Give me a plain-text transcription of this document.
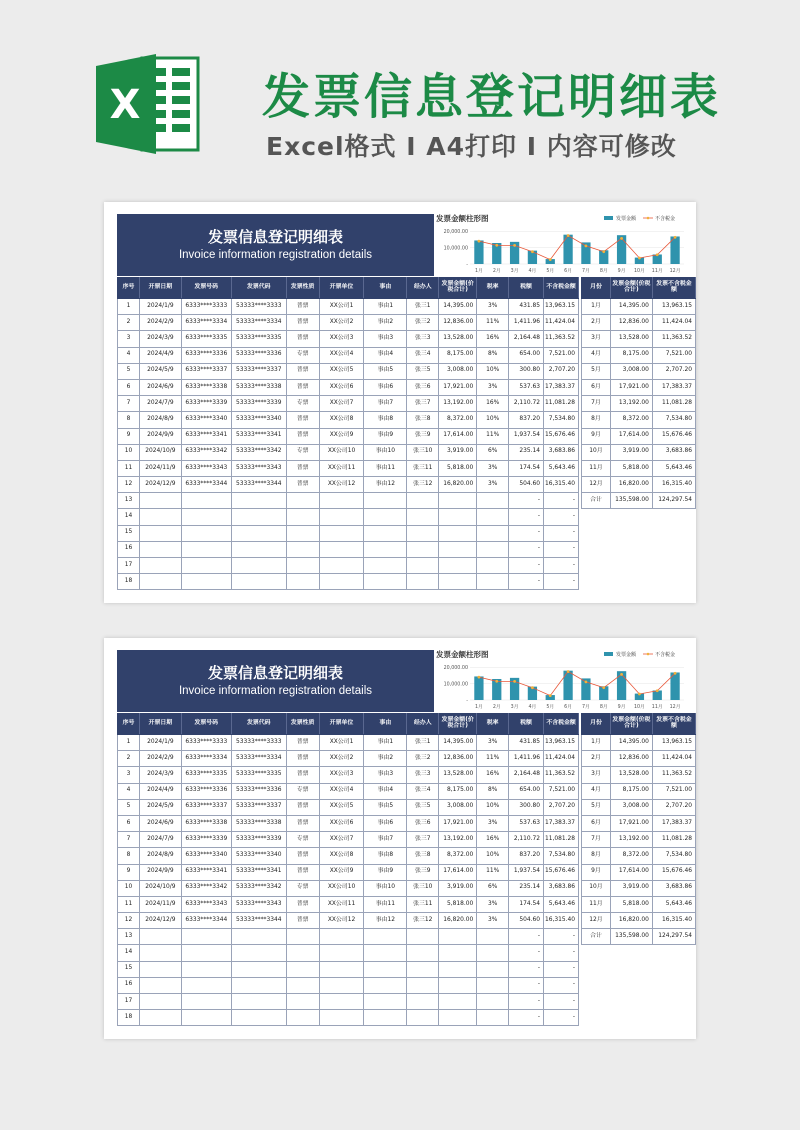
X	发票信息登记明细表
Excel格式 I A4打印 I 内容可修改
发票信息登记明细表
Invoice information registration details
发票金额柱形图	发票金额	不含税金
20,000.00
10,000.00
-
1月 2月 3月 4月 5月 6月 7月 8月 9月 10月 11月 12月
序号	开票日期	发票号码	发票代码	发票性质	开票单位	事由	经办人	发票金额(价税合计)	税率	税额	不含税金额		月份	发票金额(价税合计)	发票不含税金额
1	2024/1/9	6333****3333	53333****3333	普票	XX公司1	事由1	张三1	14,395.00	3%	431.85	13,963.15		1月	14,395.00	13,963.15
2	2024/2/9	6333****3334	53333****3334	普票	XX公司2	事由2	张三2	12,836.00	11%	1,411.96	11,424.04		2月	12,836.00	11,424.04
3	2024/3/9	6333****3335	53333****3335	普票	XX公司3	事由3	张三3	13,528.00	16%	2,164.48	11,363.52		3月	13,528.00	11,363.52
4	2024/4/9	6333****3336	53333****3336	专票	XX公司4	事由4	张三4	8,175.00	8%	654.00	7,521.00		4月	8,175.00	7,521.00
5	2024/5/9	6333****3337	53333****3337	普票	XX公司5	事由5	张三5	3,008.00	10%	300.80	2,707.20		5月	3,008.00	2,707.20
6	2024/6/9	6333****3338	53333****3338	普票	XX公司6	事由6	张三6	17,921.00	3%	537.63	17,383.37		6月	17,921.00	17,383.37
7	2024/7/9	6333****3339	53333****3339	专票	XX公司7	事由7	张三7	13,192.00	16%	2,110.72	11,081.28		7月	13,192.00	11,081.28
8	2024/8/9	6333****3340	53333****3340	普票	XX公司8	事由8	张三8	8,372.00	10%	837.20	7,534.80		8月	8,372.00	7,534.80
9	2024/9/9	6333****3341	53333****3341	普票	XX公司9	事由9	张三9	17,614.00	11%	1,937.54	15,676.46		9月	17,614.00	15,676.46
10	2024/10/9	6333****3342	53333****3342	专票	XX公司10	事由10	张三10	3,919.00	6%	235.14	3,683.86		10月	3,919.00	3,683.86
11	2024/11/9	6333****3343	53333****3343	普票	XX公司11	事由11	张三11	5,818.00	3%	174.54	5,643.46		11月	5,818.00	5,643.46
12	2024/12/9	6333****3344	53333****3344	普票	XX公司12	事由12	张三12	16,820.00	3%	504.60	16,315.40		12月	16,820.00	16,315.40
13										-	-		合计	135,598.00	124,297.54
14										-	-				
15										-	-				
16										-	-				
17										-	-				
18										-	-				
发票信息登记明细表
Invoice information registration details
发票金额柱形图	发票金额	不含税金
20,000.00
10,000.00
-
1月 2月 3月 4月 5月 6月 7月 8月 9月 10月 11月 12月
序号	开票日期	发票号码	发票代码	发票性质	开票单位	事由	经办人	发票金额(价税合计)	税率	税额	不含税金额		月份	发票金额(价税合计)	发票不含税金额
1	2024/1/9	6333****3333	53333****3333	普票	XX公司1	事由1	张三1	14,395.00	3%	431.85	13,963.15		1月	14,395.00	13,963.15
2	2024/2/9	6333****3334	53333****3334	普票	XX公司2	事由2	张三2	12,836.00	11%	1,411.96	11,424.04		2月	12,836.00	11,424.04
3	2024/3/9	6333****3335	53333****3335	普票	XX公司3	事由3	张三3	13,528.00	16%	2,164.48	11,363.52		3月	13,528.00	11,363.52
4	2024/4/9	6333****3336	53333****3336	专票	XX公司4	事由4	张三4	8,175.00	8%	654.00	7,521.00		4月	8,175.00	7,521.00
5	2024/5/9	6333****3337	53333****3337	普票	XX公司5	事由5	张三5	3,008.00	10%	300.80	2,707.20		5月	3,008.00	2,707.20
6	2024/6/9	6333****3338	53333****3338	普票	XX公司6	事由6	张三6	17,921.00	3%	537.63	17,383.37		6月	17,921.00	17,383.37
7	2024/7/9	6333****3339	53333****3339	专票	XX公司7	事由7	张三7	13,192.00	16%	2,110.72	11,081.28		7月	13,192.00	11,081.28
8	2024/8/9	6333****3340	53333****3340	普票	XX公司8	事由8	张三8	8,372.00	10%	837.20	7,534.80		8月	8,372.00	7,534.80
9	2024/9/9	6333****3341	53333****3341	普票	XX公司9	事由9	张三9	17,614.00	11%	1,937.54	15,676.46		9月	17,614.00	15,676.46
10	2024/10/9	6333****3342	53333****3342	专票	XX公司10	事由10	张三10	3,919.00	6%	235.14	3,683.86		10月	3,919.00	3,683.86
11	2024/11/9	6333****3343	53333****3343	普票	XX公司11	事由11	张三11	5,818.00	3%	174.54	5,643.46		11月	5,818.00	5,643.46
12	2024/12/9	6333****3344	53333****3344	普票	XX公司12	事由12	张三12	16,820.00	3%	504.60	16,315.40		12月	16,820.00	16,315.40
13										-	-		合计	135,598.00	124,297.54
14										-	-				
15										-	-				
16										-	-				
17										-	-				
18										-	-				
